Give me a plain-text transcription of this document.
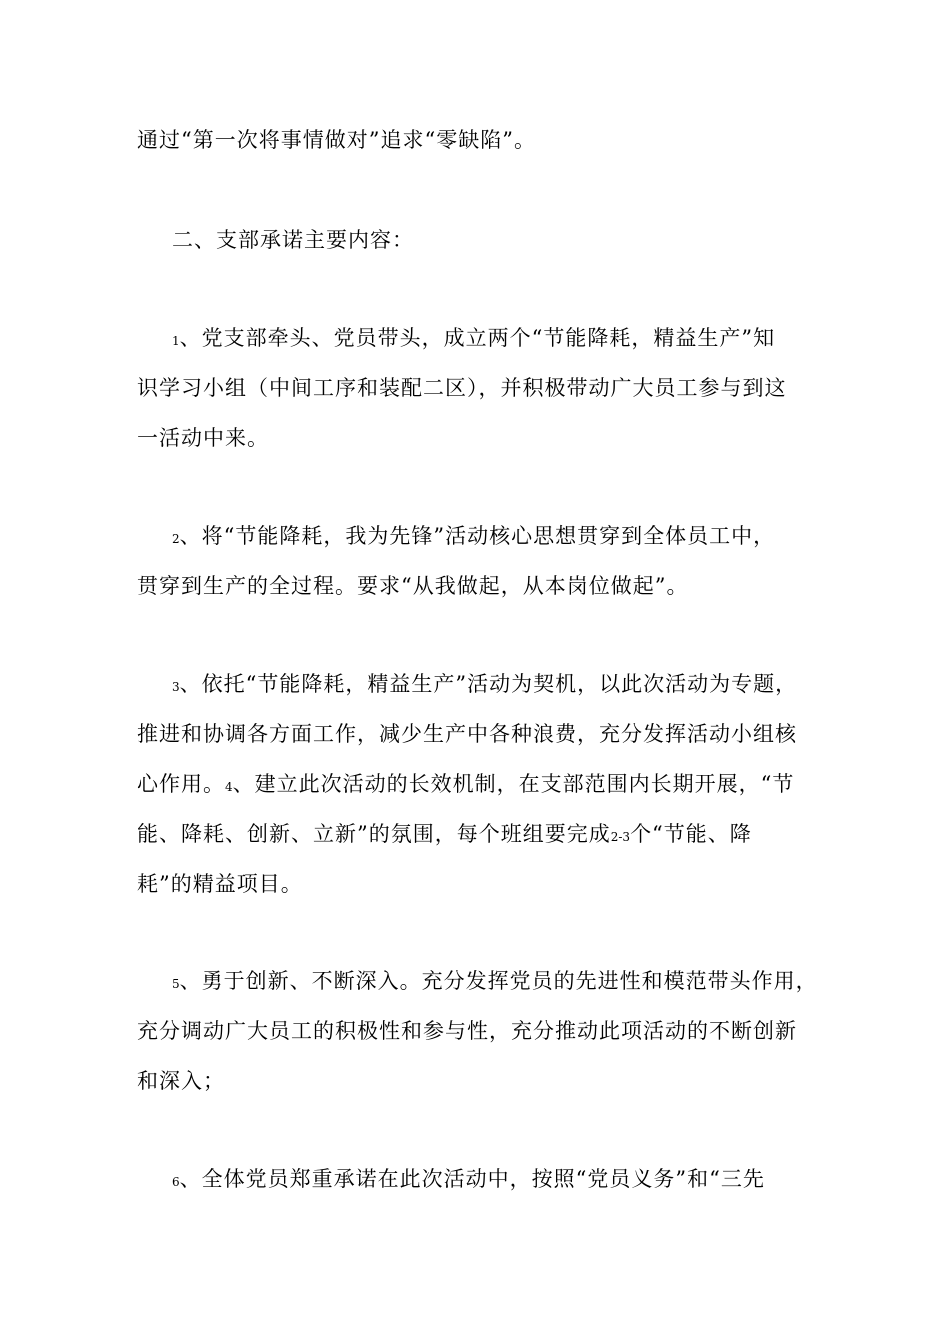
通过“第一次将事情做对”追求“零缺陷”。
二、支部承诺主要内容：
1、党支部牵头、党员带头，成立两个“节能降耗，精益生产”知
识学习小组（中间工序和装配二区），并积极带动广大员工参与到这
一活动中来。
2、将“节能降耗，我为先锋”活动核心思想贯穿到全体员工中，
贯穿到生产的全过程。要求“从我做起，从本岗位做起”。
3、依托“节能降耗，精益生产”活动为契机，以此次活动为专题，
推进和协调各方面工作，减少生产中各种浪费，充分发挥活动小组核
心作用。4、建立此次活动的长效机制，在支部范围内长期开展，“节
能、降耗、创新、立新”的氛围，每个班组要完成2-3个“节能、降
耗”的精益项目。
5、勇于创新、不断深入。充分发挥党员的先进性和模范带头作用，
充分调动广大员工的积极性和参与性，充分推动此项活动的不断创新
和深入；
6、全体党员郑重承诺在此次活动中，按照“党员义务”和“三先
